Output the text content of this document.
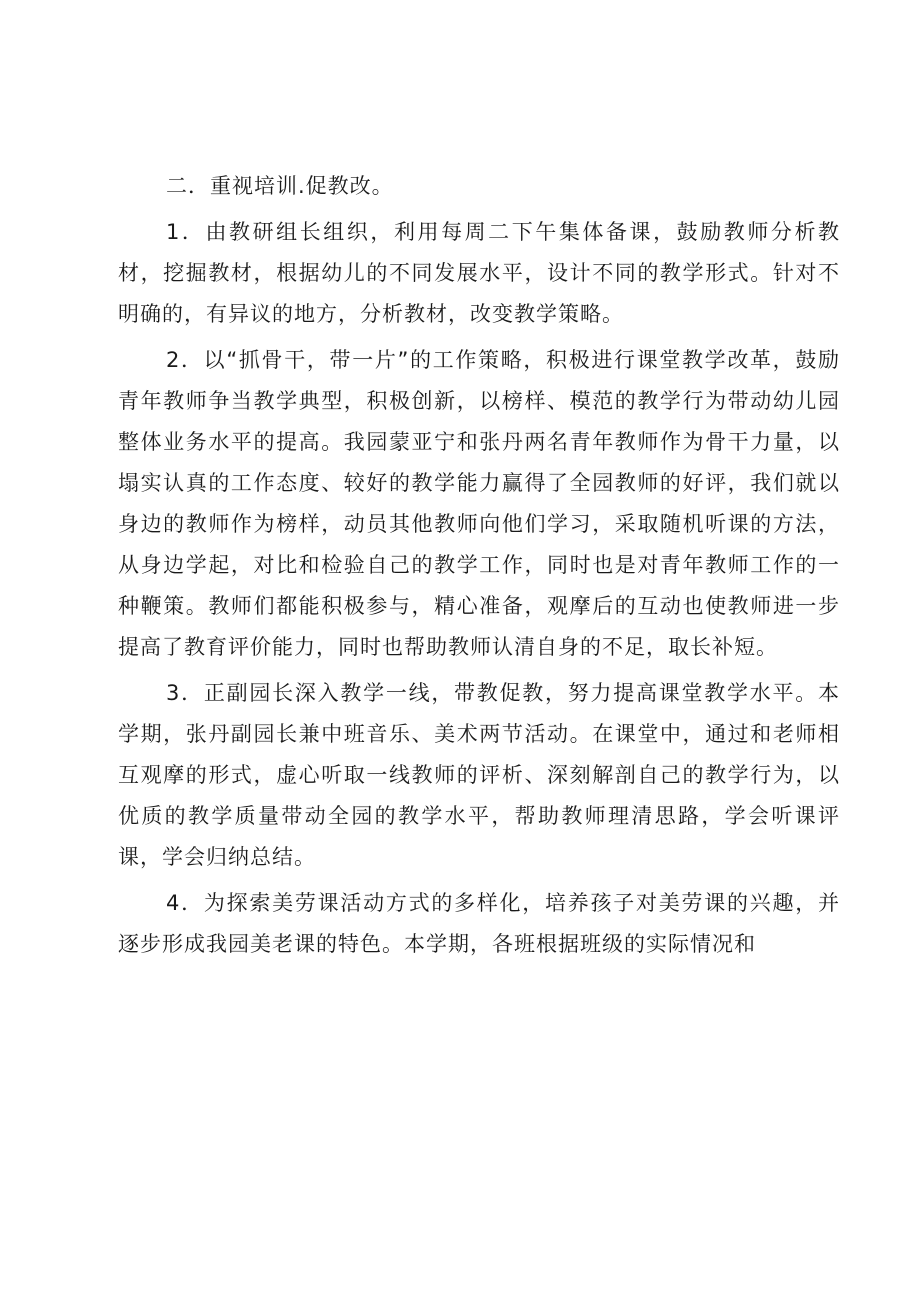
二．重视培训.促教改。

1．由教研组长组织，利用每周二下午集体备课，鼓励教师分析教材，挖掘教材，根据幼儿的不同发展水平，设计不同的教学形式。针对不明确的，有异议的地方，分析教材，改变教学策略。

2．以“抓骨干，带一片”的工作策略，积极进行课堂教学改革，鼓励青年教师争当教学典型，积极创新，以榜样、模范的教学行为带动幼儿园整体业务水平的提高。我园蒙亚宁和张丹两名青年教师作为骨干力量，以塌实认真的工作态度、较好的教学能力赢得了全园教师的好评，我们就以身边的教师作为榜样，动员其他教师向他们学习，采取随机听课的方法，从身边学起，对比和检验自己的教学工作，同时也是对青年教师工作的一种鞭策。教师们都能积极参与，精心准备，观摩后的互动也使教师进一步提高了教育评价能力，同时也帮助教师认清自身的不足，取长补短。

3．正副园长深入教学一线，带教促教，努力提高课堂教学水平。本学期，张丹副园长兼中班音乐、美术两节活动。在课堂中，通过和老师相互观摩的形式，虚心听取一线教师的评析、深刻解剖自己的教学行为，以优质的教学质量带动全园的教学水平，帮助教师理清思路，学会听课评课，学会归纳总结。

4．为探索美劳课活动方式的多样化，培养孩子对美劳课的兴趣，并逐步形成我园美老课的特色。本学期，各班根据班级的实际情况和
